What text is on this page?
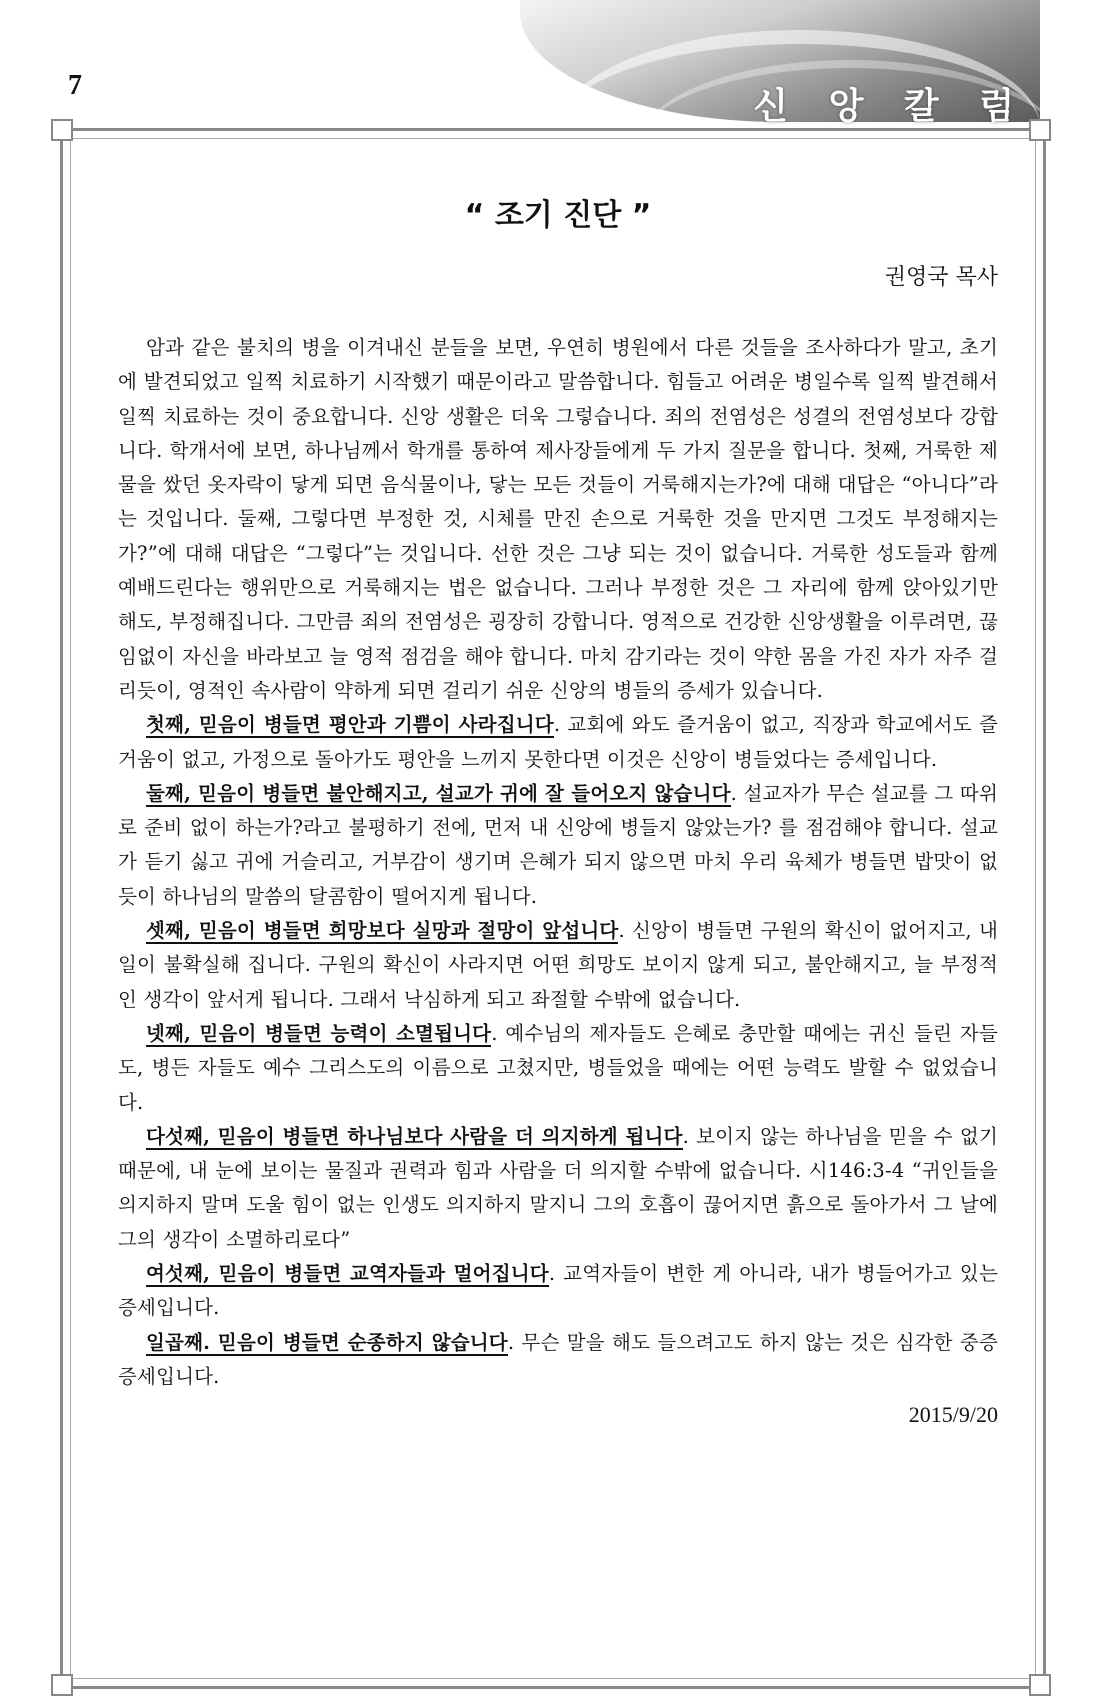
7
신 앙 칼 럼
“ 조기 진단 ”
권영국 목사

암과 같은 불치의 병을 이겨내신 분들을 보면, 우연히 병원에서 다른 것들을 조사하다가 말고, 초기에 발견되었고 일찍 치료하기 시작했기 때문이라고 말씀합니다. 힘들고 어려운 병일수록 일찍 발견해서 일찍 치료하는 것이 중요합니다. 신앙 생활은 더욱 그렇습니다. 죄의 전염성은 성결의 전염성보다 강합니다. 학개서에 보면, 하나님께서 학개를 통하여 제사장들에게 두 가지 질문을 합니다. 첫째, 거룩한 제물을 쌌던 옷자락이 닿게 되면 음식물이나, 닿는 모든 것들이 거룩해지는가?에 대해 대답은 “아니다”라는 것입니다. 둘째, 그렇다면 부정한 것, 시체를 만진 손으로 거룩한 것을 만지면 그것도 부정해지는가?”에 대해 대답은 “그렇다”는 것입니다. 선한 것은 그냥 되는 것이 없습니다. 거룩한 성도들과 함께 예배드린다는 행위만으로 거룩해지는 법은 없습니다. 그러나 부정한 것은 그 자리에 함께 앉아있기만 해도, 부정해집니다. 그만큼 죄의 전염성은 굉장히 강합니다. 영적으로 건강한 신앙생활을 이루려면, 끊임없이 자신을 바라보고 늘 영적 점검을 해야 합니다. 마치 감기라는 것이 약한 몸을 가진 자가 자주 걸리듯이, 영적인 속사람이 약하게 되면 걸리기 쉬운 신앙의 병들의 증세가 있습니다.

첫째, 믿음이 병들면 평안과 기쁨이 사라집니다. 교회에 와도 즐거움이 없고, 직장과 학교에서도 즐거움이 없고, 가정으로 돌아가도 평안을 느끼지 못한다면 이것은 신앙이 병들었다는 증세입니다.

둘째, 믿음이 병들면 불안해지고, 설교가 귀에 잘 들어오지 않습니다. 설교자가 무슨 설교를 그 따위로 준비 없이 하는가?라고 불평하기 전에, 먼저 내 신앙에 병들지 않았는가? 를 점검해야 합니다. 설교가 듣기 싫고 귀에 거슬리고, 거부감이 생기며 은혜가 되지 않으면 마치 우리 육체가 병들면 밥맛이 없듯이 하나님의 말씀의 달콤함이 떨어지게 됩니다.

셋째, 믿음이 병들면 희망보다 실망과 절망이 앞섭니다. 신앙이 병들면 구원의 확신이 없어지고, 내일이 불확실해 집니다. 구원의 확신이 사라지면 어떤 희망도 보이지 않게 되고, 불안해지고, 늘 부정적인 생각이 앞서게 됩니다. 그래서 낙심하게 되고 좌절할 수밖에 없습니다.

넷째, 믿음이 병들면 능력이 소멸됩니다. 예수님의 제자들도 은혜로 충만할 때에는 귀신 들린 자들도, 병든 자들도 예수 그리스도의 이름으로 고쳤지만, 병들었을 때에는 어떤 능력도 발할 수 없었습니다.

다섯째, 믿음이 병들면 하나님보다 사람을 더 의지하게 됩니다. 보이지 않는 하나님을 믿을 수 없기 때문에, 내 눈에 보이는 물질과 권력과 힘과 사람을 더 의지할 수밖에 없습니다. 시146:3-4 “귀인들을 의지하지 말며 도울 힘이 없는 인생도 의지하지 말지니 그의 호흡이 끊어지면 흙으로 돌아가서 그 날에 그의 생각이 소멸하리로다”

여섯째, 믿음이 병들면 교역자들과 멀어집니다. 교역자들이 변한 게 아니라, 내가 병들어가고 있는 증세입니다.

일곱째. 믿음이 병들면 순종하지 않습니다. 무슨 말을 해도 들으려고도 하지 않는 것은 심각한 중증 증세입니다.

2015/9/20
